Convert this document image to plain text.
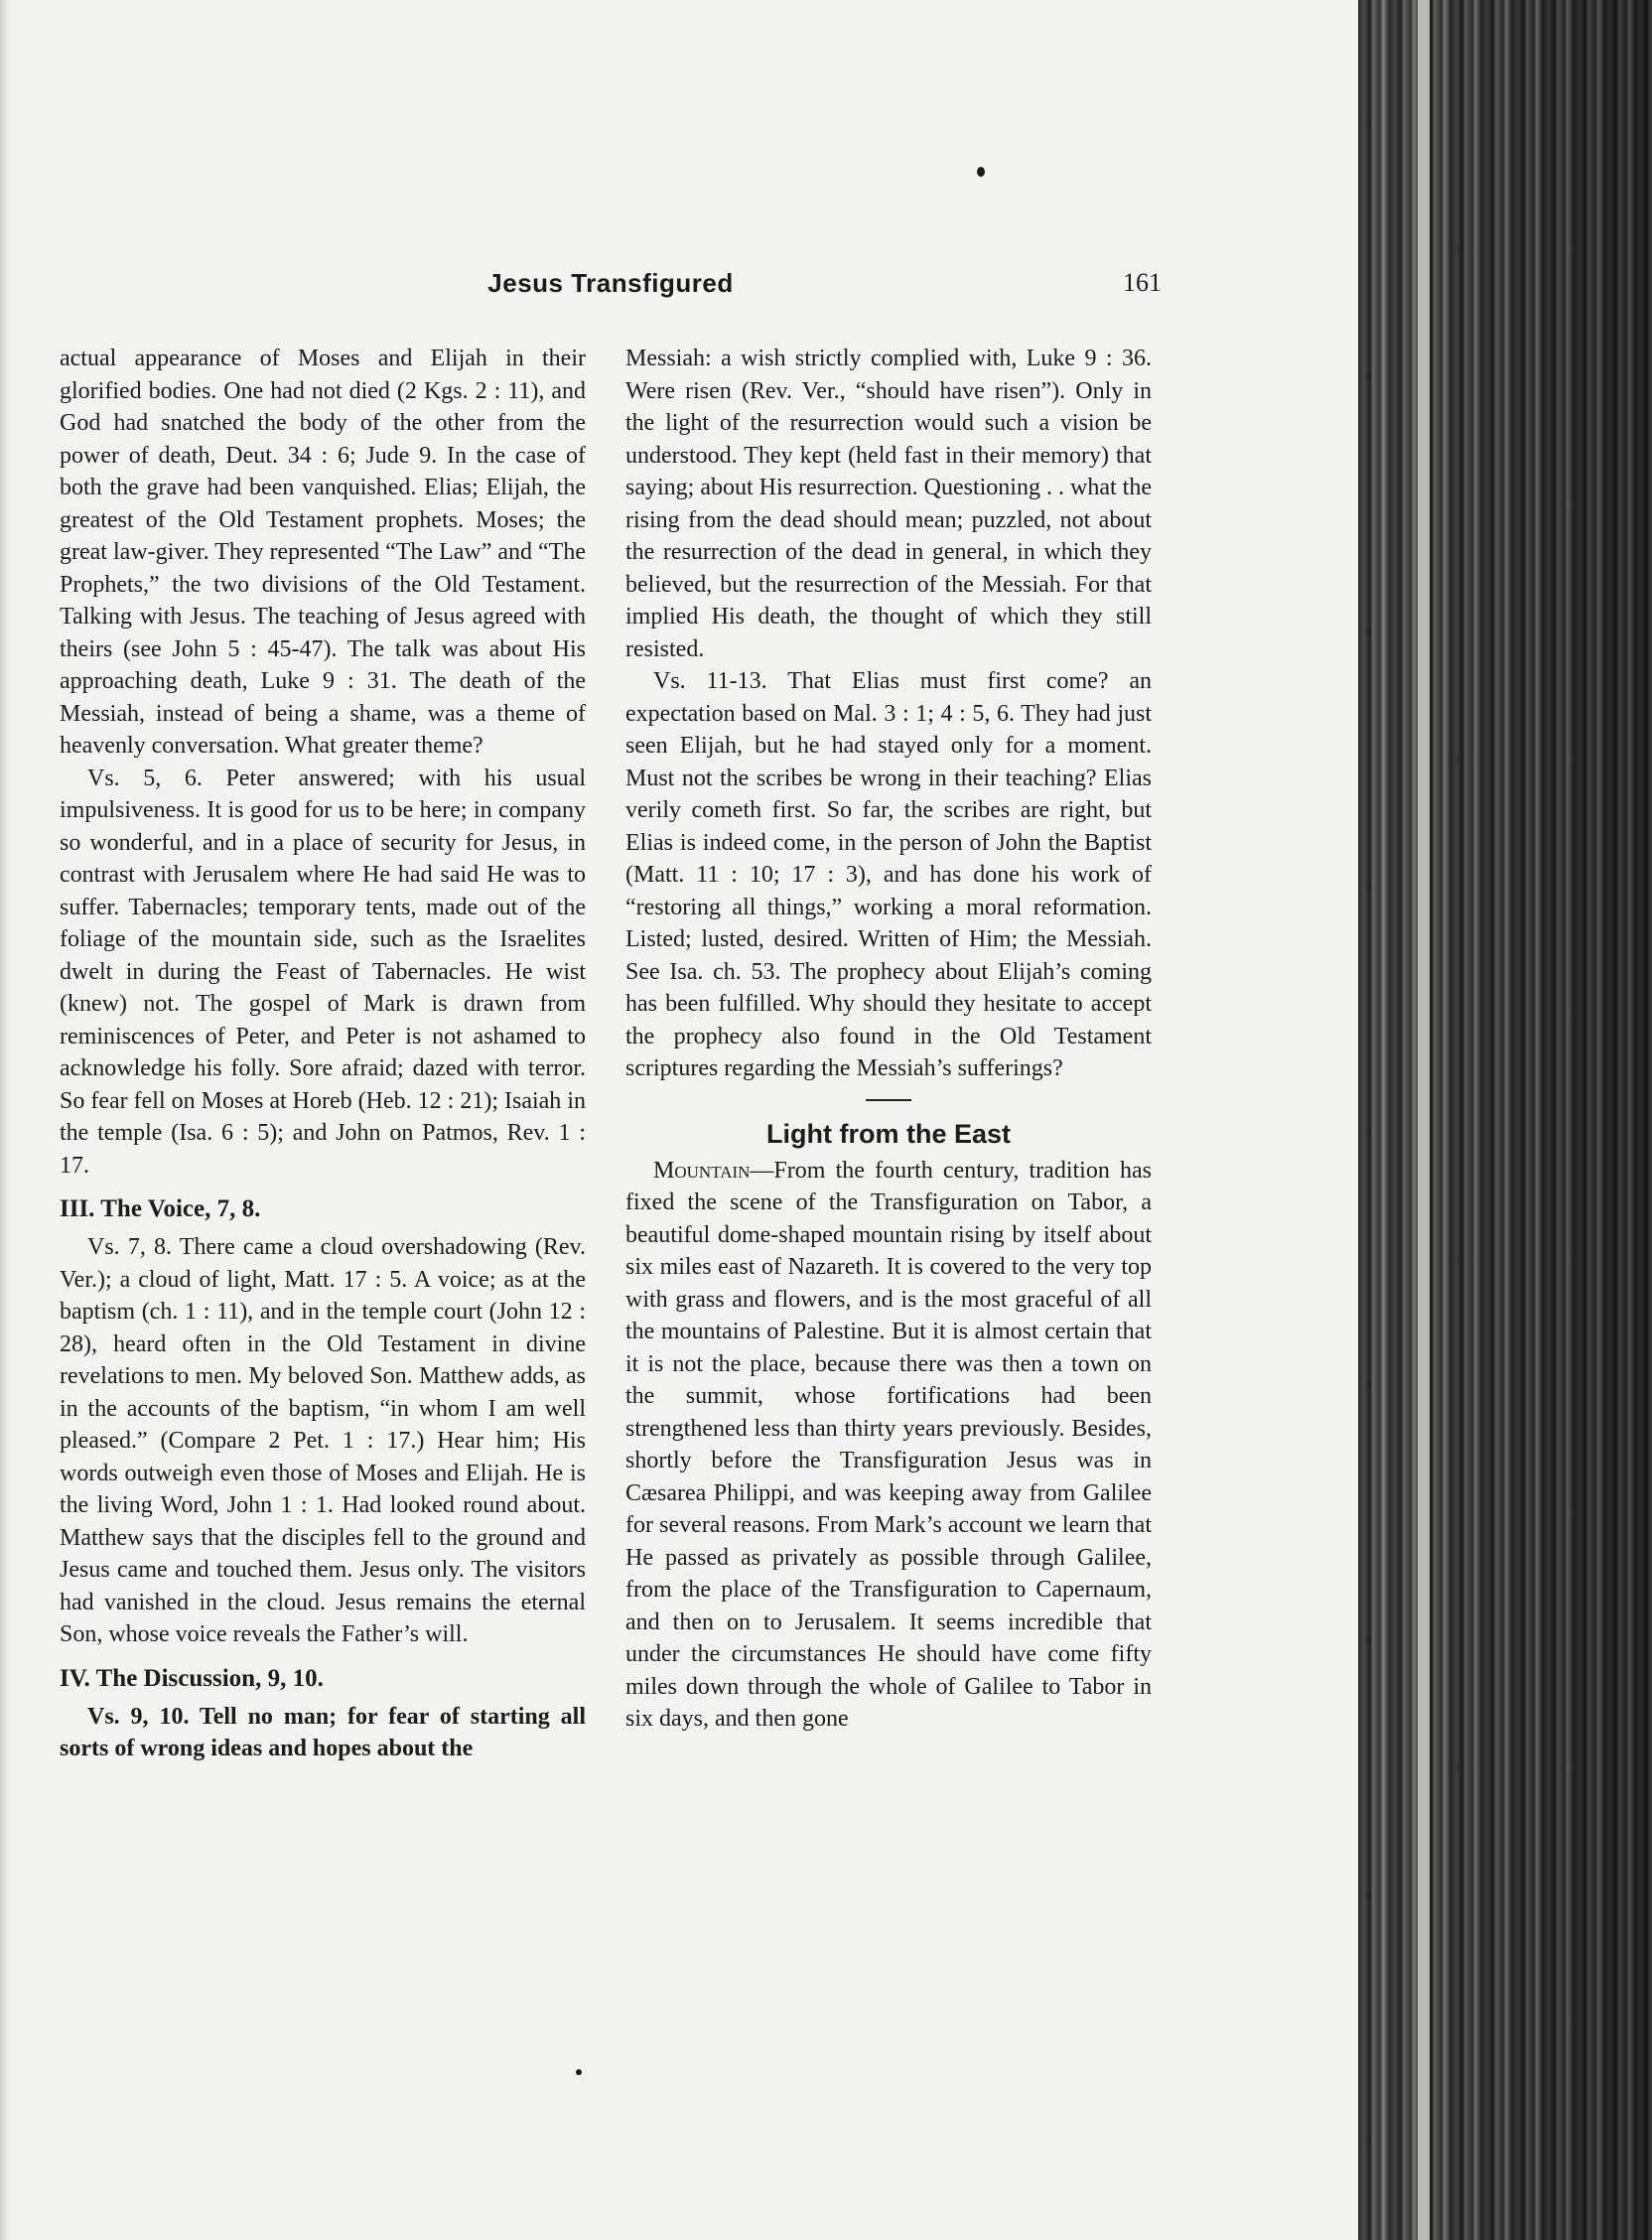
Jesus Transfigured	161

actual appearance of Moses and Elijah in their glorified bodies. One had not died (2 Kgs. 2 : 11), and God had snatched the body of the other from the power of death, Deut. 34 : 6; Jude 9. In the case of both the grave had been vanquished. Elias; Elijah, the greatest of the Old Testament prophets. Moses; the great law-giver. They represented “The Law” and “The Prophets,” the two divisions of the Old Testament. Talking with Jesus. The teaching of Jesus agreed with theirs (see John 5 : 45-47). The talk was about His approaching death, Luke 9 : 31. The death of the Messiah, instead of being a shame, was a theme of heavenly conversation. What greater theme?

Vs. 5, 6. Peter answered; with his usual impulsiveness. It is good for us to be here; in company so wonderful, and in a place of security for Jesus, in contrast with Jerusalem where He had said He was to suffer. Tabernacles; temporary tents, made out of the foliage of the mountain side, such as the Israelites dwelt in during the Feast of Tabernacles. He wist (knew) not. The gospel of Mark is drawn from reminiscences of Peter, and Peter is not ashamed to acknowledge his folly. Sore afraid; dazed with terror. So fear fell on Moses at Horeb (Heb. 12 : 21); Isaiah in the temple (Isa. 6 : 5); and John on Patmos, Rev. 1 : 17.

III. The Voice, 7, 8.

Vs. 7, 8. There came a cloud overshadowing (Rev. Ver.); a cloud of light, Matt. 17 : 5. A voice; as at the baptism (ch. 1 : 11), and in the temple court (John 12 : 28), heard often in the Old Testament in divine revelations to men. My beloved Son. Matthew adds, as in the accounts of the baptism, “in whom I am well pleased.” (Compare 2 Pet. 1 : 17.) Hear him; His words outweigh even those of Moses and Elijah. He is the living Word, John 1 : 1. Had looked round about. Matthew says that the disciples fell to the ground and Jesus came and touched them. Jesus only. The visitors had vanished in the cloud. Jesus remains the eternal Son, whose voice reveals the Father’s will.

IV. The Discussion, 9, 10.

Vs. 9, 10. Tell no man; for fear of starting all sorts of wrong ideas and hopes about the

Messiah: a wish strictly complied with, Luke 9 : 36. Were risen (Rev. Ver., “should have risen”). Only in the light of the resurrection would such a vision be understood. They kept (held fast in their memory) that saying; about His resurrection. Questioning . . what the rising from the dead should mean; puzzled, not about the resurrection of the dead in general, in which they believed, but the resurrection of the Messiah. For that implied His death, the thought of which they still resisted.

Vs. 11-13. That Elias must first come? an expectation based on Mal. 3 : 1; 4 : 5, 6. They had just seen Elijah, but he had stayed only for a moment. Must not the scribes be wrong in their teaching? Elias verily cometh first. So far, the scribes are right, but Elias is indeed come, in the person of John the Baptist (Matt. 11 : 10; 17 : 3), and has done his work of “restoring all things,” working a moral reformation. Listed; lusted, desired. Written of Him; the Messiah. See Isa. ch. 53. The prophecy about Elijah’s coming has been fulfilled. Why should they hesitate to accept the prophecy also found in the Old Testament scriptures regarding the Messiah’s sufferings?

Light from the East

Mountain—From the fourth century, tradition has fixed the scene of the Transfiguration on Tabor, a beautiful dome-shaped mountain rising by itself about six miles east of Nazareth. It is covered to the very top with grass and flowers, and is the most graceful of all the mountains of Palestine. But it is almost certain that it is not the place, because there was then a town on the summit, whose fortifications had been strengthened less than thirty years previously. Besides, shortly before the Transfiguration Jesus was in Cæsarea Philippi, and was keeping away from Galilee for several reasons. From Mark’s account we learn that He passed as privately as possible through Galilee, from the place of the Transfiguration to Capernaum, and then on to Jerusalem. It seems incredible that under the circumstances He should have come fifty miles down through the whole of Galilee to Tabor in six days, and then gone
